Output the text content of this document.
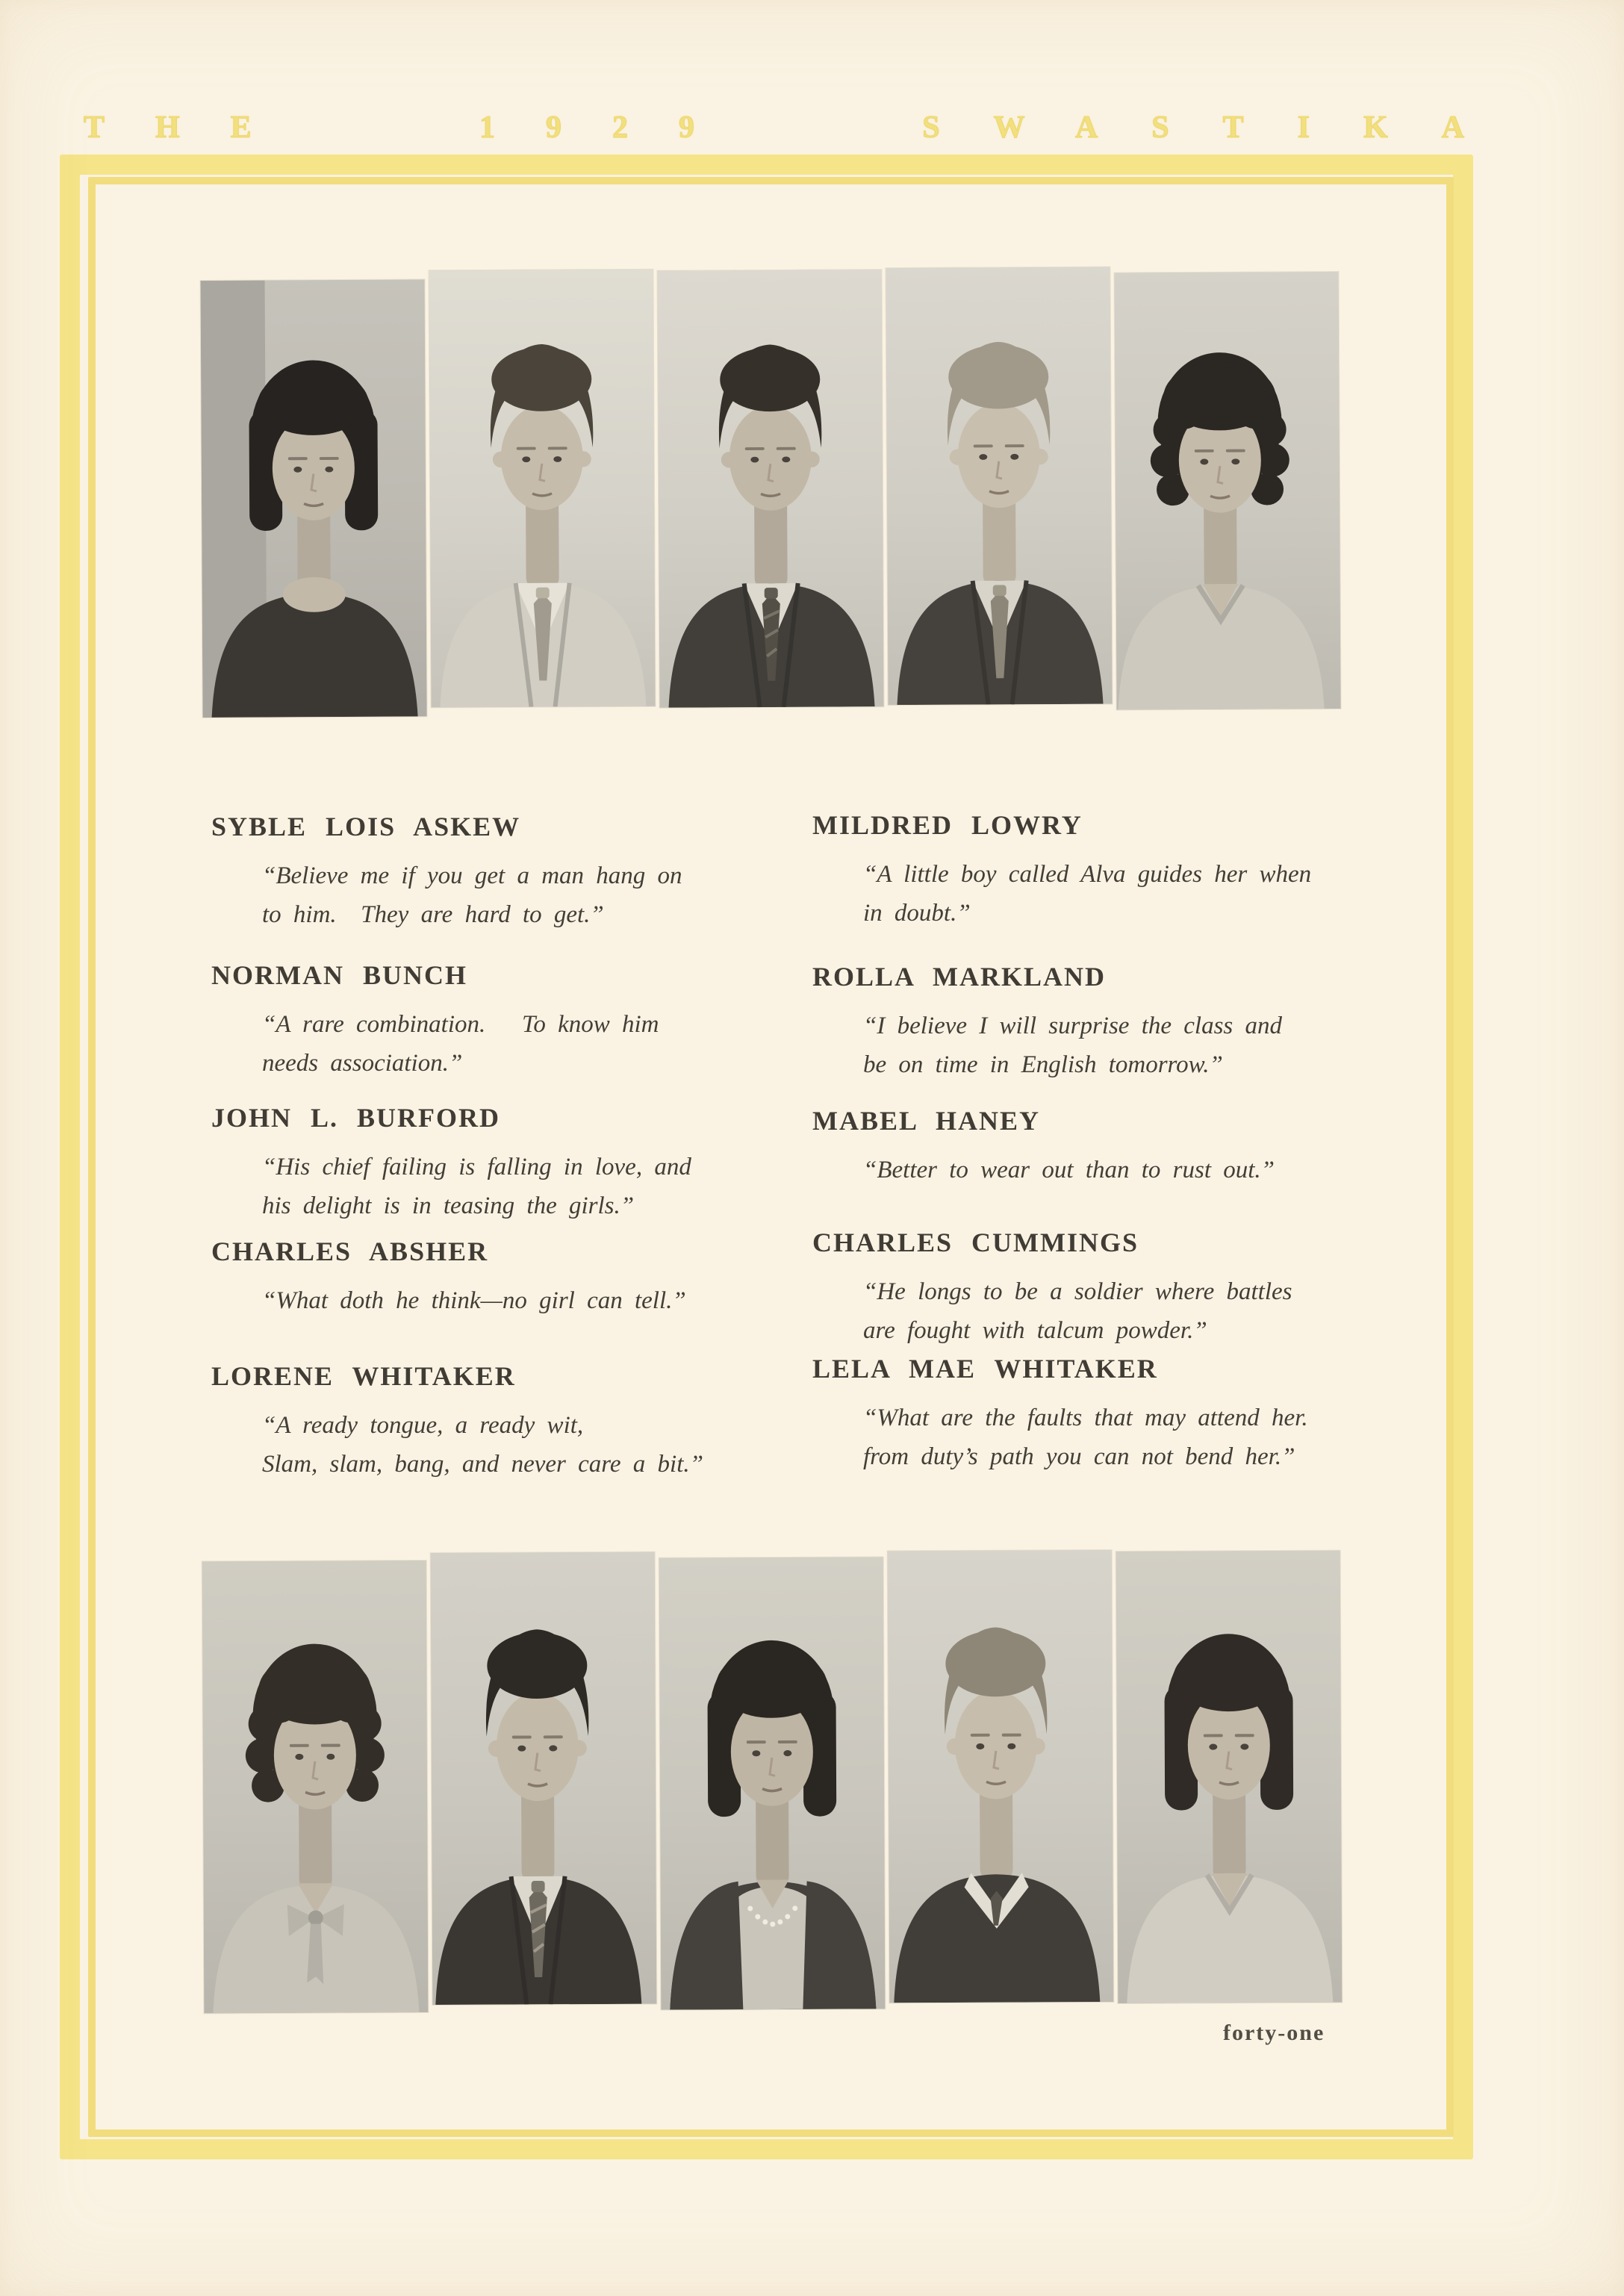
THE	1929	SWASTIKA
SYBLE LOIS ASKEW
“Believe me if you get a man hang on
to him.  They are hard to get.”
NORMAN BUNCH
“A rare combination.   To know him
needs association.”
JOHN L. BURFORD
“His chief failing is falling in love, and
his delight is in teasing the girls.”
CHARLES ABSHER
“What doth he think—no girl can tell.”
LORENE WHITAKER
“A ready tongue, a ready wit,
Slam, slam, bang, and never care a bit.”
MILDRED LOWRY
“A little boy called Alva guides her when
in doubt.”
ROLLA MARKLAND
“I believe I will surprise the class and
be on time in English tomorrow.”
MABEL HANEY
“Better to wear out than to rust out.”
CHARLES CUMMINGS
“He longs to be a soldier where battles
are fought with talcum powder.”
LELA MAE WHITAKER
“What are the faults that may attend her.
from duty’s path you can not bend her.”
forty-one
